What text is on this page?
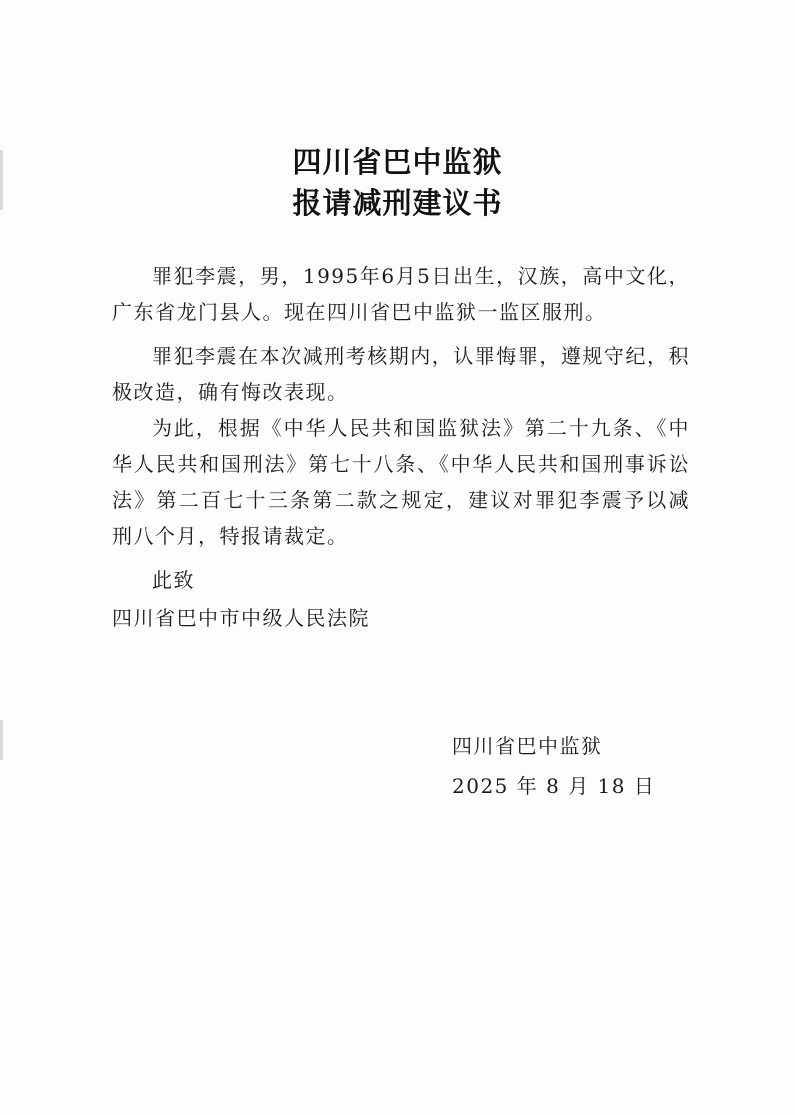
四川省巴中监狱
报请减刑建议书

罪犯李震，男，1995年6月5日出生，汉族，高中文化，广东省龙门县人。现在四川省巴中监狱一监区服刑。

罪犯李震在本次减刑考核期内，认罪悔罪，遵规守纪，积极改造，确有悔改表现。

为此，根据《中华人民共和国监狱法》第二十九条、《中华人民共和国刑法》第七十八条、《中华人民共和国刑事诉讼法》第二百七十三条第二款之规定，建议对罪犯李震予以减刑八个月，特报请裁定。

此致

四川省巴中市中级人民法院

四川省巴中监狱
2025 年 8 月 18 日
